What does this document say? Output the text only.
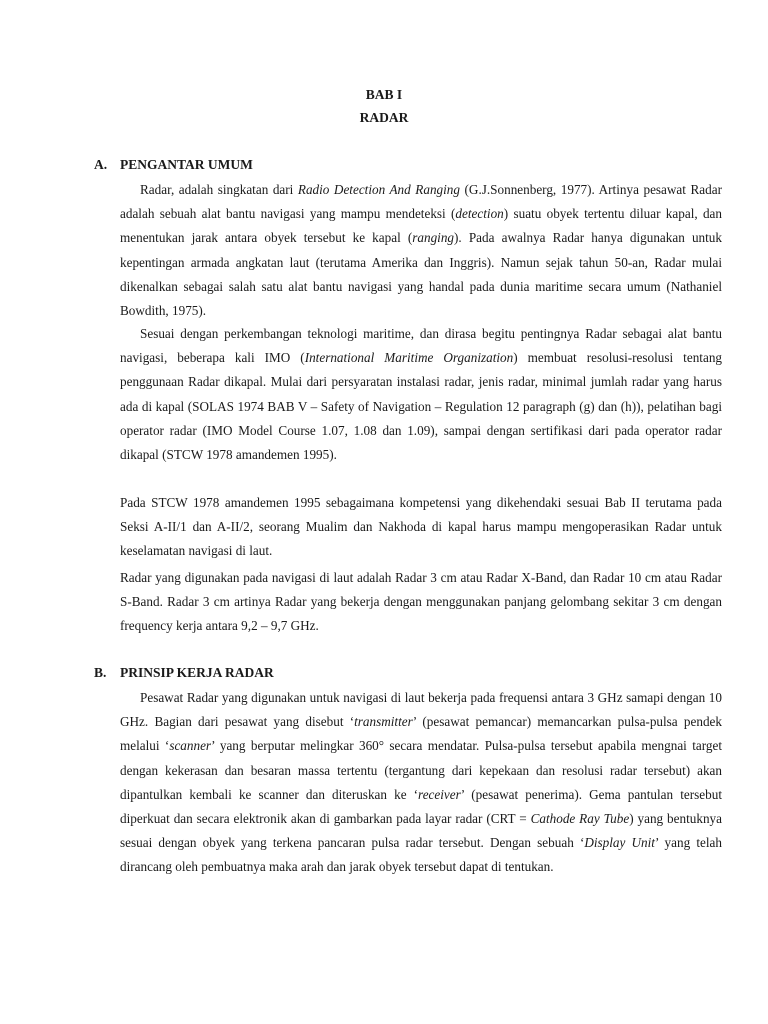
BAB I
RADAR
A. PENGANTAR UMUM

Radar, adalah singkatan dari Radio Detection And Ranging (G.J.Sonnenberg, 1977). Artinya pesawat Radar adalah sebuah alat bantu navigasi yang mampu mendeteksi (detection) suatu obyek tertentu diluar kapal, dan menentukan jarak antara obyek tersebut ke kapal (ranging). Pada awalnya Radar hanya digunakan untuk kepentingan armada angkatan laut (terutama Amerika dan Inggris). Namun sejak tahun 50-an, Radar mulai dikenalkan sebagai salah satu alat bantu navigasi yang handal pada dunia maritime secara umum (Nathaniel Bowdith, 1975).

Sesuai dengan perkembangan teknologi maritime, dan dirasa begitu pentingnya Radar sebagai alat bantu navigasi, beberapa kali IMO (International Maritime Organization) membuat resolusi-resolusi tentang penggunaan Radar dikapal. Mulai dari persyaratan instalasi radar, jenis radar, minimal jumlah radar yang harus ada di kapal (SOLAS 1974 BAB V – Safety of Navigation – Regulation 12 paragraph (g) dan (h)), pelatihan bagi operator radar (IMO Model Course 1.07, 1.08 dan 1.09), sampai dengan sertifikasi dari pada operator radar dikapal (STCW 1978 amandemen 1995).

Pada STCW 1978 amandemen 1995 sebagaimana kompetensi yang dikehendaki sesuai Bab II terutama pada Seksi A-II/1 dan A-II/2, seorang Mualim dan Nakhoda di kapal harus mampu mengoperasikan Radar untuk keselamatan navigasi di laut.

Radar yang digunakan pada navigasi di laut adalah Radar 3 cm atau Radar X-Band, dan Radar 10 cm atau Radar S-Band. Radar 3 cm artinya Radar yang bekerja dengan menggunakan panjang gelombang sekitar 3 cm dengan frequency kerja antara 9,2 – 9,7 GHz.

B. PRINSIP KERJA RADAR

Pesawat Radar yang digunakan untuk navigasi di laut bekerja pada frequensi antara 3 GHz samapi dengan 10 GHz. Bagian dari pesawat yang disebut ‘transmitter’ (pesawat pemancar) memancarkan pulsa-pulsa pendek melalui ‘scanner’ yang berputar melingkar 360° secara mendatar. Pulsa-pulsa tersebut apabila mengnai target dengan kekerasan dan besaran massa tertentu (tergantung dari kepekaan dan resolusi radar tersebut) akan dipantulkan kembali ke scanner dan diteruskan ke ‘receiver’ (pesawat penerima). Gema pantulan tersebut diperkuat dan secara elektronik akan di gambarkan pada layar radar (CRT = Cathode Ray Tube) yang bentuknya sesuai dengan obyek yang terkena pancaran pulsa radar tersebut. Dengan sebuah ‘Display Unit’ yang telah dirancang oleh pembuatnya maka arah dan jarak obyek tersebut dapat di tentukan.
